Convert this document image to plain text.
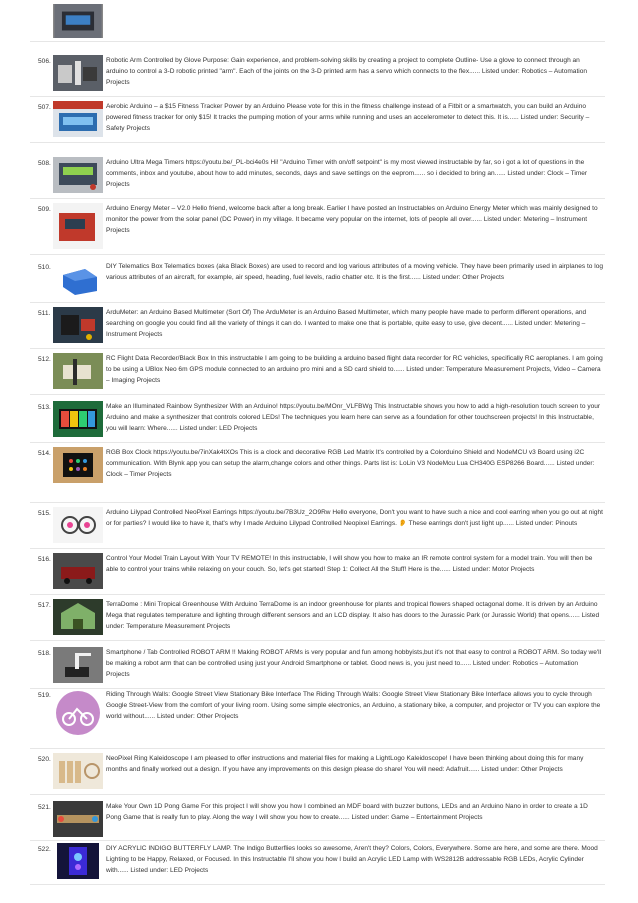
506.	Robotic Arm Controlled by Glove Purpose: Gain experience, and problem-solving skills by creating a project to complete Outline- Use a glove to connect through an arduino to control a 3-D robotic printed "arm". Each of the joints on the 3-D printed arm has a servo which connects to the flex...... Listed under: Robotics – Automation Projects
507.	Aerobic Arduino – a $15 Fitness Tracker Power by an Arduino Please vote for this in the fitness challenge instead of a Fitbit or a smartwatch, you can build an Arduino powered fitness tracker for only $15! It tracks the pumping motion of your arms while running and uses an accelerometer to detect this. It is...... Listed under: Security – Safety Projects
508.	Arduino Ultra Mega Timers https://youtu.be/_PL-bci4e0s Hi! "Arduino Timer with on/off setpoint" is my most viewed instructable by far, so i got a lot of questions in the comments, inbox and youtube, about how to add minutes, seconds, days and save settings on the eeprom...... so i decided to bring an...... Listed under: Clock – Timer Projects
509.	Arduino Energy Meter – V2.0 Hello friend, welcome back after a long break. Earlier I have posted an Instructables on Arduino Energy Meter which was mainly designed to monitor the power from the solar panel (DC Power) in my village. It became very popular on the internet, lots of people all over...... Listed under: Metering – Instrument Projects
510.	DIY Telematics Box Telematics boxes (aka Black Boxes) are used to record and log various attributes of a moving vehicle. They have been primarily used in airplanes to log various attributes of an aircraft, for example, air speed, heading, fuel levels, radio chatter etc. It is the first...... Listed under: Other Projects
511.	ArduMeter: an Arduino Based Multimeter (Sort Of) The ArduMeter is an Arduino Based Multimeter, which many people have made to perform different operations, and searching on google you could find all the variety of things it can do. I wanted to make one that is portable, quite easy to use, give decent...... Listed under: Metering – Instrument Projects
512.	RC Flight Data Recorder/Black Box In this instructable I am going to be building a arduino based flight data recorder for RC vehicles, specifically RC aeroplanes. I am going to be using a UBlox Neo 6m GPS module connected to an arduino pro mini and a SD card shield to...... Listed under: Temperature Measurement Projects, Video – Camera – Imaging Projects
513.	Make an Illuminated Rainbow Synthesizer With an Arduino! https://youtu.be/MOnr_VLFBWg This Instructable shows you how to add a high-resolution touch screen to your Arduino and make a synthesizer that controls colored LEDs! The techniques you learn here can serve as a foundation for other touchscreen projects! In this Instructable, you will learn: Where...... Listed under: LED Projects
514.	RGB Box Clock https://youtu.be/7inXak4tXOs This is a clock and decorative RGB Led Matrix It's controlled by a Colorduino Shield and NodeMCU v3 Board using i2C communication. With Blynk app you can setup the alarm,change colors and other things. Parts list is: LoLin V3 NodeMcu Lua CH340G ESP8266 Board...... Listed under: Clock – Timer Projects
515.	Arduino Lilypad Controlled NeoPixel Earrings https://youtu.be/7B3Uz_2O9Rw Hello everyone, Don't you want to have such a nice and cool earring when you go out at night or for parties? I would like to have it, that's why I made Arduino Lilypad Controlled Neopixel Earrings. 👂 These earrings don't just light up...... Listed under: Pinouts
516.	Control Your Model Train Layout With Your TV REMOTE! In this instructable, I will show you how to make an IR remote control system for a model train. You will then be able to control your trains while relaxing on your couch. So, let's get started! Step 1: Collect All the Stuff! Here is the...... Listed under: Motor Projects
517.	TerraDome : Mini Tropical Greenhouse With Arduino TerraDome is an indoor greenhouse for plants and tropical flowers shaped octagonal dome. It is driven by an Arduino Mega that regulates temperature and lighting through different sensors and an LCD display. It also has doors to the Jurassic Park (or Jurassic World) that opens...... Listed under: Temperature Measurement Projects
518.	Smartphone / Tab Controlled ROBOT ARM !! Making ROBOT ARMs is very popular and fun among hobbyists,but it's not that easy to control a ROBOT ARM. So today we'll be making a robot arm that can be controlled using just your Android Smartphone or tablet. Good news is, you just need to...... Listed under: Robotics – Automation Projects
519.	Riding Through Walls: Google Street View Stationary Bike Interface The Riding Through Walls: Google Street View Stationary Bike Interface allows you to cycle through Google Street-View from the comfort of your living room. Using some simple electronics, an Arduino, a stationary bike, a computer, and projector or TV you can explore the world without...... Listed under: Other Projects
520.	NeoPixel Ring Kaleidoscope I am pleased to offer instructions and material files for making a LightLogo Kaleidoscope! I have been thinking about doing this for many months and finally worked out a design. If you have any improvements on this design please do share! You will need: Adafruit...... Listed under: Other Projects
521.	Make Your Own 1D Pong Game For this project I will show you how I combined an MDF board with buzzer buttons, LEDs and an Arduino Nano in order to create a 1D Pong Game that is really fun to play. Along the way I will show you how to create...... Listed under: Game – Entertainment Projects
522.	DIY ACRYLIC INDIGO BUTTERFLY LAMP. The Indigo Butterflies looks so awesome, Aren't they? Colors, Colors, Everywhere. Some are here, and some are there. Mood Lighting to be Happy, Relaxed, or Focused. In this Instructable I'll show you how I build an Acrylic LED Lamp with WS2812B addressable RGB LEDs, Acrylic Cylinder with...... Listed under: LED Projects
